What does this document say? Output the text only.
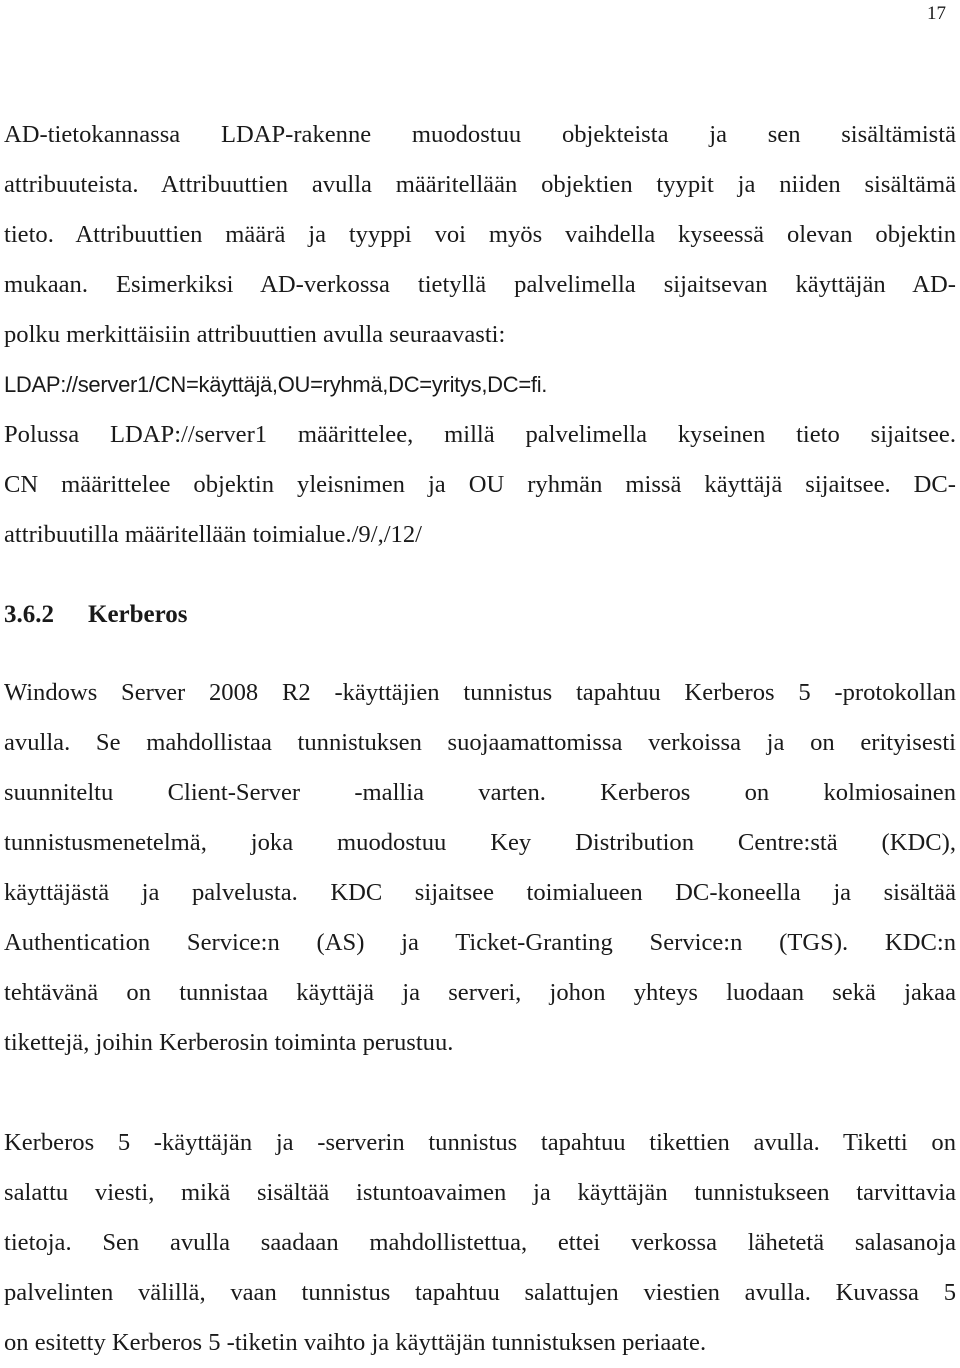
17
AD-tietokannassa LDAP-rakenne muodostuu objekteista ja sen sisältämistä
attribuuteista. Attribuuttien avulla määritellään objektien tyypit ja niiden sisältämä
tieto. Attribuuttien määrä ja tyyppi voi myös vaihdella kyseessä olevan objektin
mukaan. Esimerkiksi AD-verkossa tietyllä palvelimella sijaitsevan käyttäjän AD-
polku merkittäisiin attribuuttien avulla seuraavasti:
LDAP://server1/CN=käyttäjä,OU=ryhmä,DC=yritys,DC=fi.
Polussa LDAP://server1 määrittelee, millä palvelimella kyseinen tieto sijaitsee.
CN määrittelee objektin yleisnimen ja OU ryhmän missä käyttäjä sijaitsee. DC-
attribuutilla määritellään toimialue./9/,/12/
3.6.2 Kerberos
Windows Server 2008 R2 -käyttäjien tunnistus tapahtuu Kerberos 5 -protokollan
avulla. Se mahdollistaa tunnistuksen suojaamattomissa verkoissa ja on erityisesti
suunniteltu Client-Server -mallia varten. Kerberos on kolmiosainen
tunnistusmenetelmä, joka muodostuu Key Distribution Centre:stä (KDC),
käyttäjästä ja palvelusta. KDC sijaitsee toimialueen DC-koneella ja sisältää
Authentication Service:n (AS) ja Ticket-Granting Service:n (TGS). KDC:n
tehtävänä on tunnistaa käyttäjä ja serveri, johon yhteys luodaan sekä jakaa
tikettejä, joihin Kerberosin toiminta perustuu.
Kerberos 5 -käyttäjän ja -serverin tunnistus tapahtuu tikettien avulla. Tiketti on
salattu viesti, mikä sisältää istuntoavaimen ja käyttäjän tunnistukseen tarvittavia
tietoja. Sen avulla saadaan mahdollistettua, ettei verkossa lähetetä salasanoja
palvelinten välillä, vaan tunnistus tapahtuu salattujen viestien avulla. Kuvassa 5
on esitetty Kerberos 5 -tiketin vaihto ja käyttäjän tunnistuksen periaate.
